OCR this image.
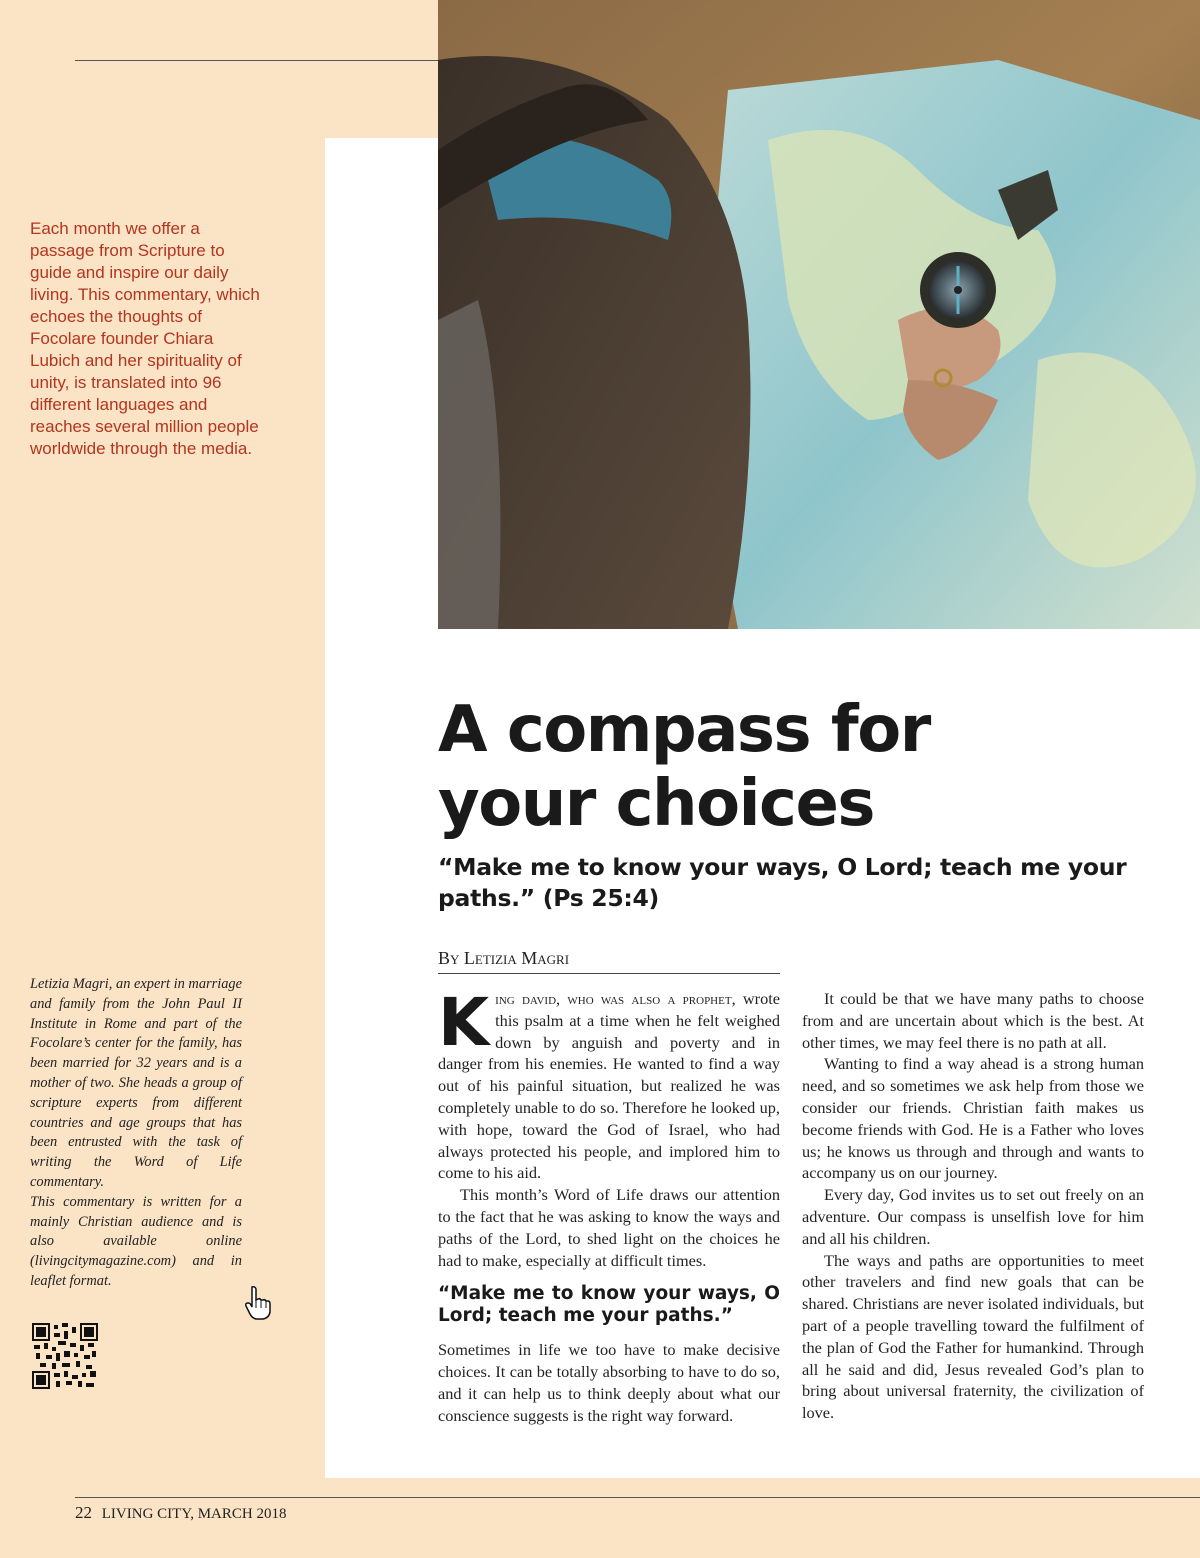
Each month we offer a passage from Scripture to guide and inspire our daily living. This commentary, which echoes the thoughts of Focolare founder Chiara Lubich and her spirituality of unity, is translated into 96 different languages and reaches several million people worldwide through the media.
Letizia Magri, an expert in marriage and family from the John Paul II Institute in Rome and part of the Focolare’s center for the family, has been married for 32 years and is a mother of two. She heads a group of scripture experts from different countries and age groups that has been entrusted with the task of writing the Word of Life commentary.
This commentary is written for a mainly Christian audience and is also available online (livingcitymagazine.com) and in leaflet format.
A compass for
your choices
“Make me to know your ways, O Lord; teach me your paths.” (Ps 25:4)
By Letizia Magri

King david, who was also a prophet, wrote this psalm at a time when he felt weighed down by anguish and poverty and in danger from his enemies. He wanted to find a way out of his painful situation, but realized he was completely unable to do so. Therefore he looked up, with hope, toward the God of Israel, who had always protected his people, and implored him to come to his aid.

This month’s Word of Life draws our attention to the fact that he was asking to know the ways and paths of the Lord, to shed light on the choices he had to make, especially at difficult times.

“Make me to know your ways, O Lord; teach me your paths.”

Sometimes in life we too have to make decisive choices. It can be totally absorbing to have to do so, and it can help us to think deeply about what our conscience suggests is the right way forward.

It could be that we have many paths to choose from and are uncertain about which is the best. At other times, we may feel there is no path at all.

Wanting to find a way ahead is a strong human need, and so sometimes we ask help from those we consider our friends. Christian faith makes us become friends with God. He is a Father who loves us; he knows us through and through and wants to accompany us on our journey.

Every day, God invites us to set out freely on an adventure. Our compass is unselfish love for him and all his children.

The ways and paths are opportunities to meet other travelers and find new goals that can be shared. Christians are never isolated individuals, but part of a people travelling toward the fulfilment of the plan of God the Father for humankind. Through all he said and did, Jesus revealed God’s plan to bring about universal fraternity, the civilization of love.

22 LIVING CITY, MARCH 2018
